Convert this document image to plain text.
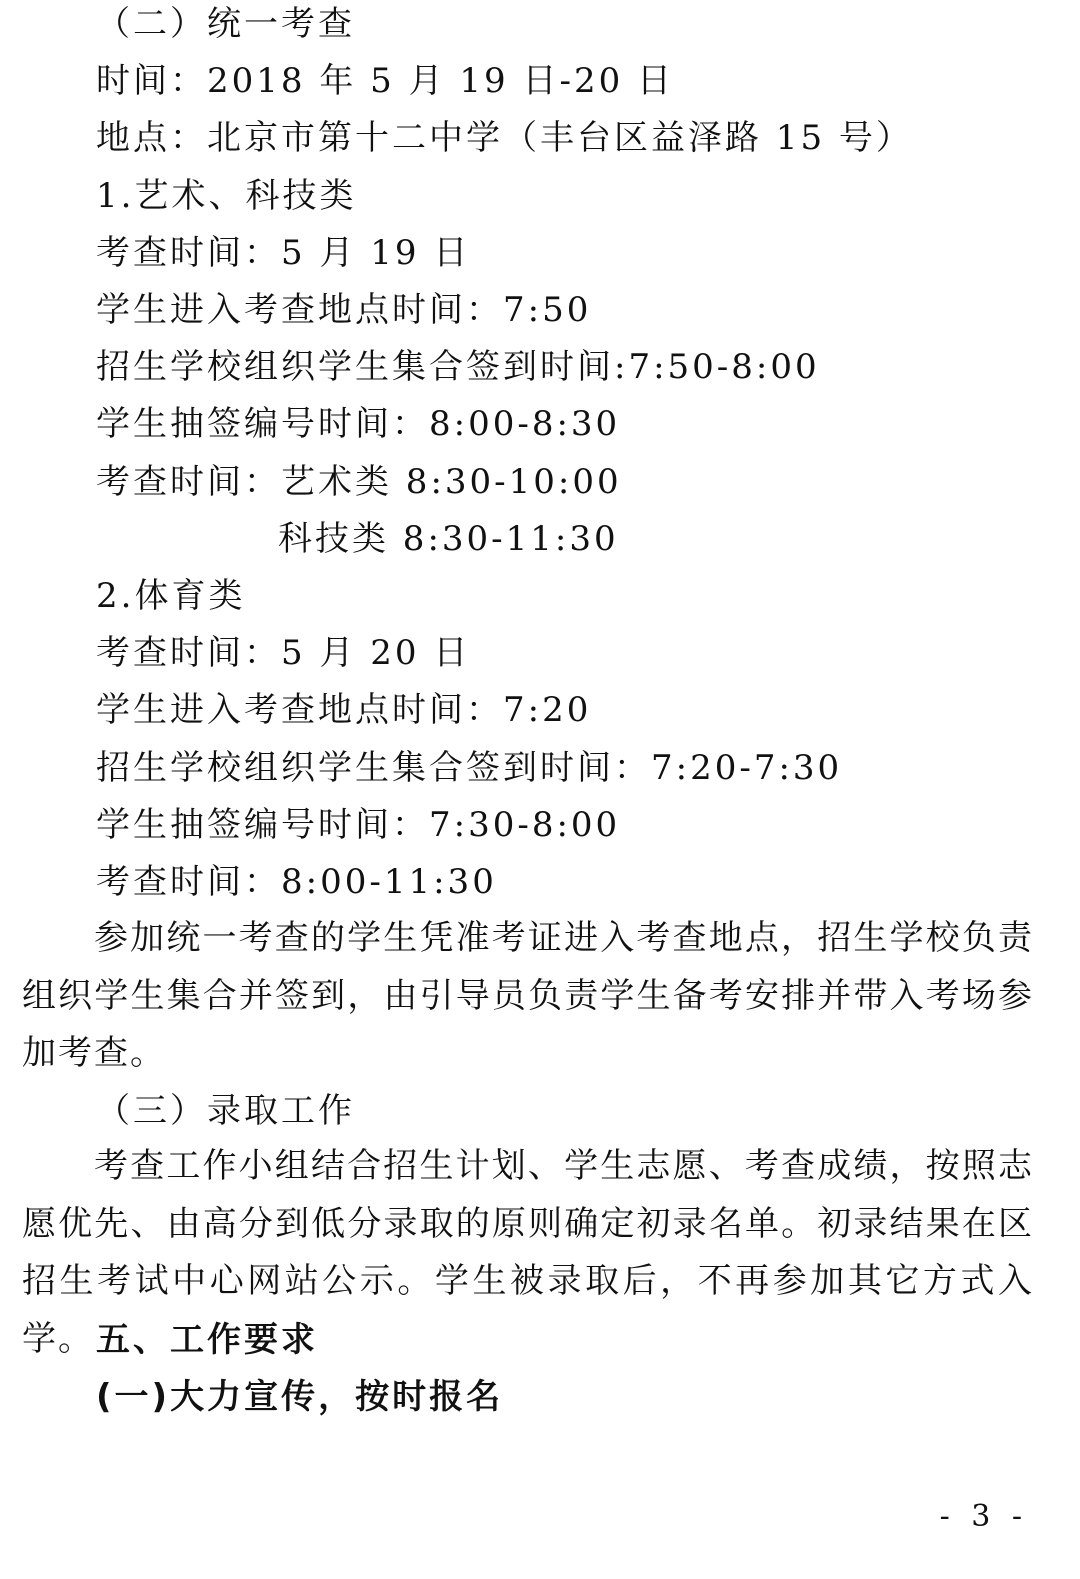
（二）统一考查
时间：2018 年 5 月 19 日-20 日
地点：北京市第十二中学（丰台区益泽路 15 号）
1.艺术、科技类
考查时间：5 月 19 日
学生进入考查地点时间：7:50
招生学校组织学生集合签到时间:7:50-8:00
学生抽签编号时间：8:00-8:30
考查时间：艺术类 8:30-10:00
科技类 8:30-11:30
2.体育类
考查时间：5 月 20 日
学生进入考查地点时间：7:20
招生学校组织学生集合签到时间：7:20-7:30
学生抽签编号时间：7:30-8:00
考查时间：8:00-11:30

参加统一考查的学生凭准考证进入考查地点，招生学校负责组织学生集合并签到，由引导员负责学生备考安排并带入考场参加考查。

（三）录取工作

考查工作小组结合招生计划、学生志愿、考查成绩，按照志愿优先、由高分到低分录取的原则确定初录名单。初录结果在区招生考试中心网站公示。学生被录取后，不再参加其它方式入学。 五、工作要求
(一)大力宣传，按时报名
- 3 -
